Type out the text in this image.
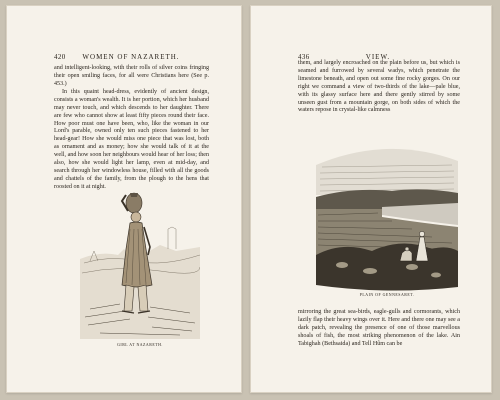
420	WOMEN OF NAZARETH.

and intelligent-looking, with their rolls of silver coins fringing their open smiling faces, for all were Christians here (See p. 453.)

In this quaint head-dress, evidently of ancient design, consists a woman's wealth. It is her portion, which her husband may never touch, and which descends to her daughter. There are few who cannot show at least fifty pieces round their face. How poor must one have been, who, like the woman in our Lord's parable, owned only ten such pieces fastened to her head-gear! How she would miss one piece that was lost, both as ornament and as money; how she would talk of it at the well, and how soon her neighbours would hear of her loss; then also, how she would light her lamp, even at mid-day, and search through her windowless house, filled with all the goods and chattels of the family, from the plough to the hens that roosted on it at night.

GIRL AT NAZARETH.
436	VIEW.

them, and largely encroached on the plain before us, but which is seamed and furrowed by several wadys, which penetrate the limestone beneath, and open out some fine rocky gorges. On our right we command a view of two-thirds of the lake—pale blue, with its glassy surface here and there gently stirred by some unseen gust from a mountain gorge, on both sides of which the waters repose in crystal-like calmness

PLAIN OF GENNESARET.

mirroring the great sea-birds, eagle-gulls and cormorants, which lazily flap their heavy wings over it. Here and there one may see a dark patch, revealing the presence of one of those marvellous shoals of fish, the most striking phenomenon of the lake. Ain Tabighah (Bethsaida) and Tell Hûm can be
